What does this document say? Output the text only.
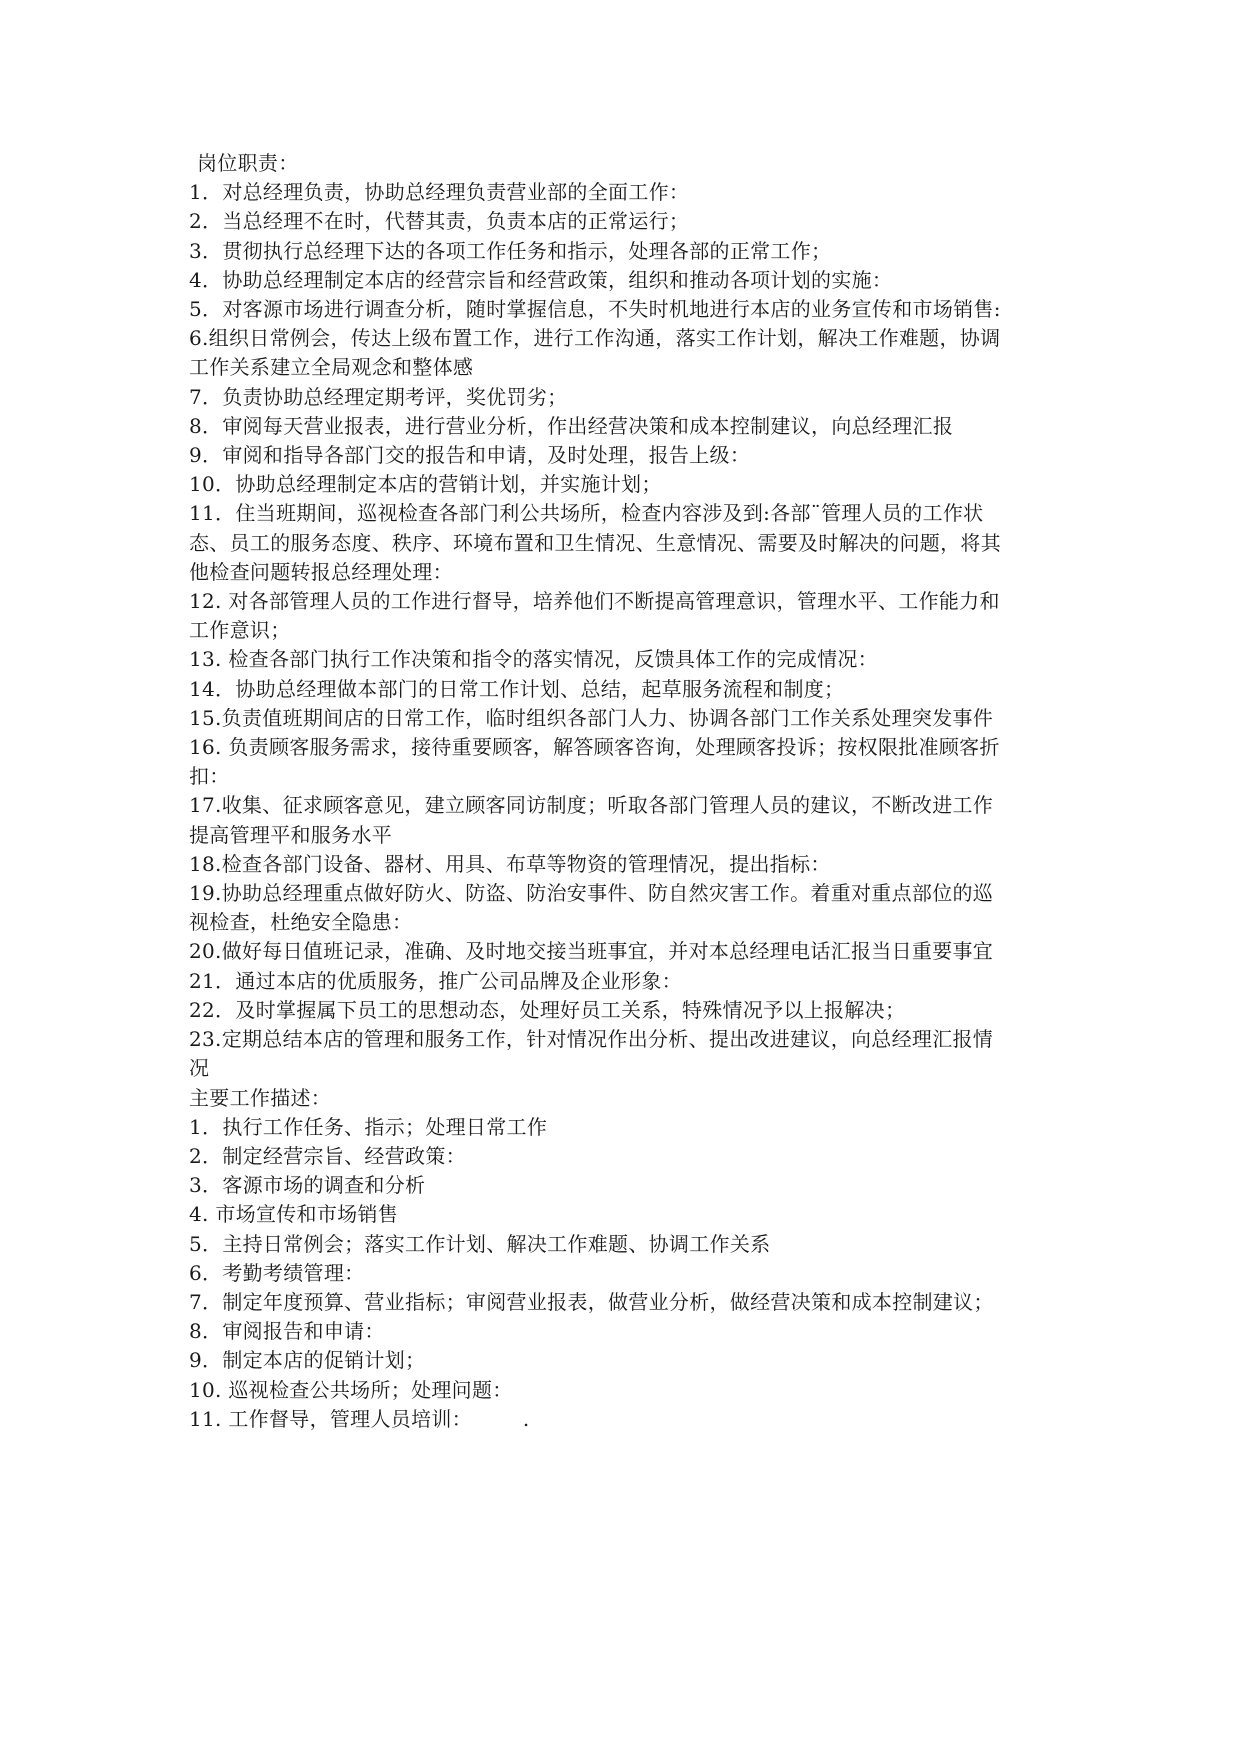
岗位职责：
1．对总经理负责，协助总经理负责营业部的全面工作：
2．当总经理不在时，代替其责，负责本店的正常运行；
3．贯彻执行总经理下达的各项工作任务和指示，处理各部的正常工作；
4．协助总经理制定本店的经营宗旨和经营政策，组织和推动各项计划的实施：
5．对客源市场进行调查分析，随时掌握信息，不失时机地进行本店的业务宣传和市场销售:
6.组织日常例会，传达上级布置工作，进行工作沟通，落实工作计划，解决工作难题，协调
工作关系建立全局观念和整体感
7．负责协助总经理定期考评，奖优罚劣；
8．审阅每天营业报表，进行营业分析，作出经营决策和成本控制建议，向总经理汇报
9．审阅和指导各部门交的报告和申请，及时处理，报告上级：
10．协助总经理制定本店的营销计划，并实施计划；
11．住当班期间，巡视检查各部门利公共场所，检查内容涉及到:各部¨管理人员的工作状
态、员工的服务态度、秩序、环境布置和卫生情况、生意情况、需要及时解决的问题，将其
他检查问题转报总经理处理：
12. 对各部管理人员的工作进行督导，培养他们不断提高管理意识，管理水平、工作能力和
工作意识；
13. 检查各部门执行工作决策和指令的落实情况，反馈具体工作的完成情况：
14．协助总经理做本部门的日常工作计划、总结，起草服务流程和制度；
15.负责值班期间店的日常工作，临时组织各部门人力、协调各部门工作关系处理突发事件
16. 负责顾客服务需求，接待重要顾客，解答顾客咨询，处理顾客投诉；按权限批准顾客折
扣：
17.收集、征求顾客意见，建立顾客同访制度；听取各部门管理人员的建议，不断改进工作
提高管理平和服务水平
18.检查各部门设备、器材、用具、布草等物资的管理情况，提出指标：
19.协助总经理重点做好防火、防盗、防治安事件、防自然灾害工作。着重对重点部位的巡
视检查，杜绝安全隐患：
20.做好每日值班记录，准确、及时地交接当班事宜，并对本总经理电话汇报当日重要事宜
21．通过本店的优质服务，推广公司品牌及企业形象：
22．及时掌握属下员工的思想动态，处理好员工关系，特殊情况予以上报解决；
23.定期总结本店的管理和服务工作，针对情况作出分析、提出改进建议，向总经理汇报情
况
主要工作描述：
1．执行工作任务、指示；处理日常工作
2．制定经营宗旨、经营政策：
3．客源市场的调查和分析
4. 市场宣传和市场销售
5．主持日常例会；落实工作计划、解决工作难题、协调工作关系
6．考勤考绩管理：
7．制定年度预算、营业指标；审阅营业报表，做营业分析，做经营决策和成本控制建议；
8．审阅报告和申请：
9．制定本店的促销计划；
10. 巡视检查公共场所；处理问题：
11. 工作督导，管理人员培训：　　　.
